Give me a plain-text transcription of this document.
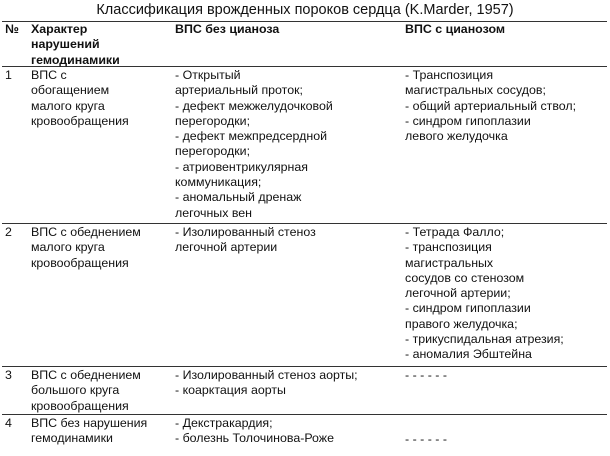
Классификация врожденных пороков сердца (K.Marder, 1957)
№ Характер
нарушений
гемодинамики
ВПС без цианоза	ВПС с цианозом
1 ВПС с
обогащением
малого круга
кровообращения
- Открытый
артериальный проток;
- дефект межжелудочковой
перегородки;
- дефект межпредсердной
перегородки;
- атриовентрикулярная
коммуникация;
- аномальный дренаж
легочных вен
- Транспозиция
магистральных сосудов;
- общий артериальный ствол;
- синдром гипоплазии
левого желудочка
2 ВПС с обеднением
малого круга
кровообращения
- Изолированный стеноз
легочной артерии
- Тетрада Фалло;
- транспозиция
магистральных
сосудов со стенозом
легочной артерии;
- синдром гипоплазии
правого желудочка;
- трикуспидальная атрезия;
- аномалия Эбштейна
3 ВПС с обеднением
большого круга
кровообращения
- Изолированный стеноз аорты;
- коарктация аорты
- - - - - -
4 ВПС без нарушения
гемодинамики
- Декстракардия;
- болезнь Толочинова-Роже	- - - - - -
